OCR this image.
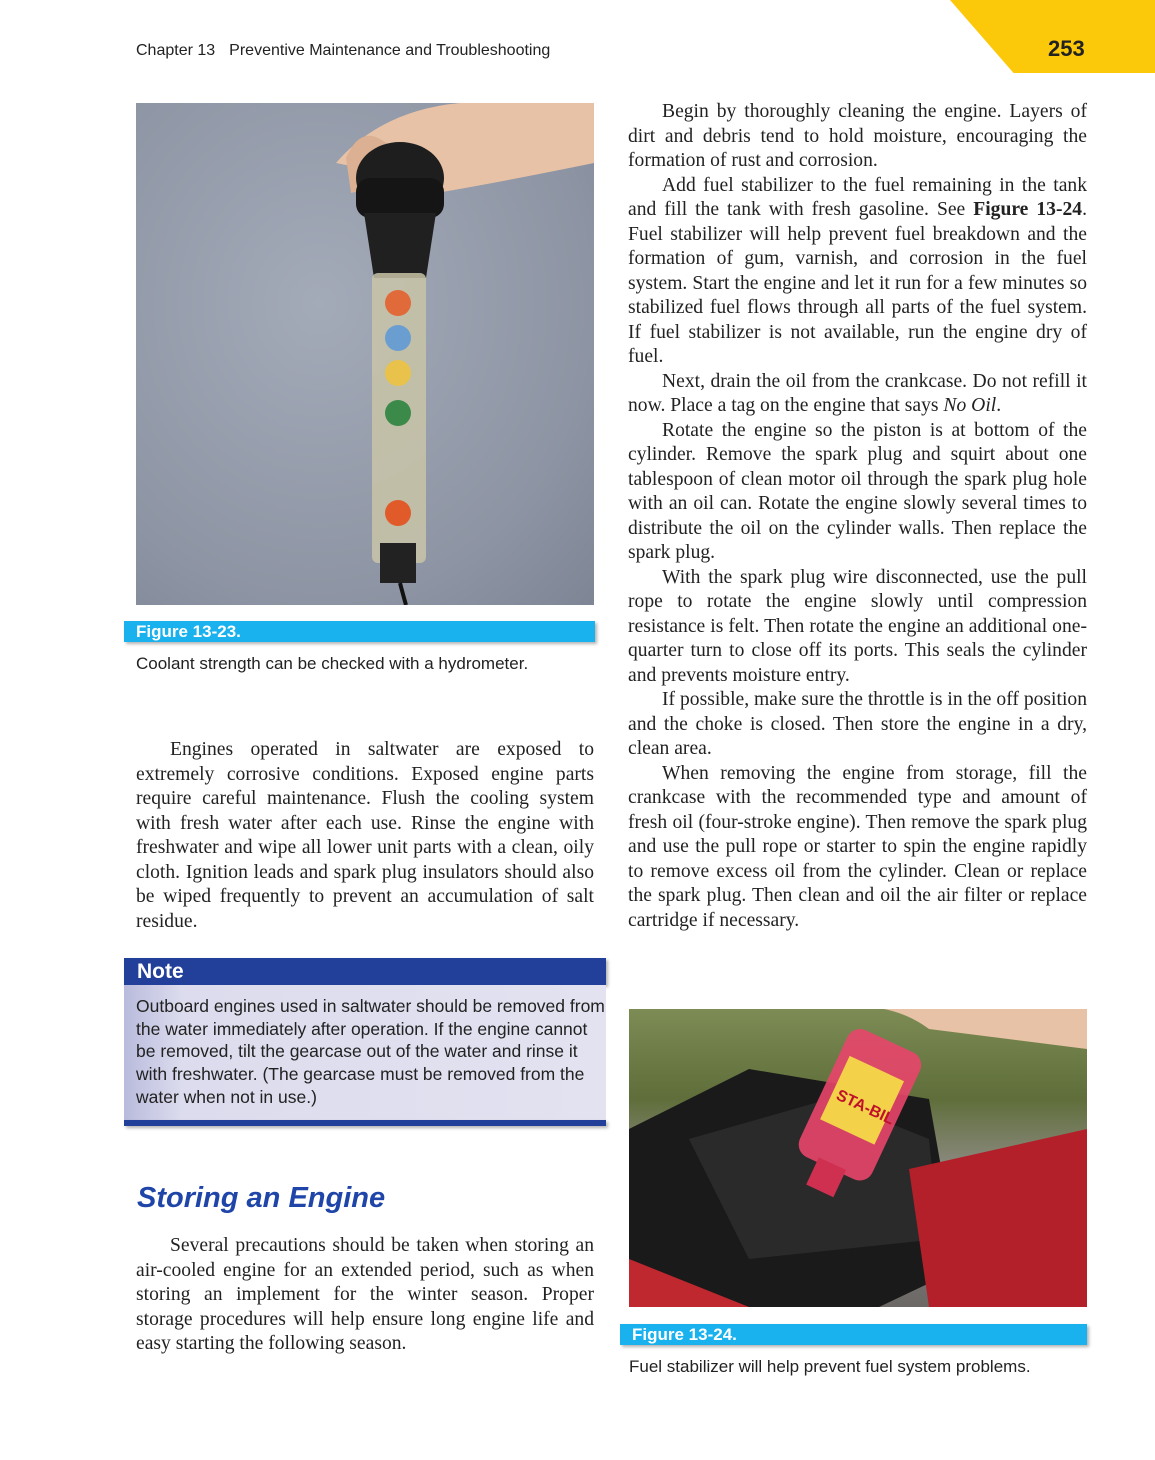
Chapter 13 Preventive Maintenance and Troubleshooting	253
Figure 13-23.
Coolant strength can be checked with a hydrometer.

Engines operated in saltwater are exposed to extremely corrosive conditions. Exposed engine parts require careful maintenance. Flush the cooling system with fresh water after each use. Rinse the engine with freshwater and wipe all lower unit parts with a clean, oily cloth. Ignition leads and spark plug insulators should also be wiped frequently to prevent an accumulation of salt residue.

Note
Outboard engines used in saltwater should be removed from the water immediately after operation. If the engine cannot be removed, tilt the gearcase out of the water and rinse it with freshwater. (The gearcase must be removed from the water when not in use.)
Storing an Engine

Several precautions should be taken when storing an air-cooled engine for an extended period, such as when storing an implement for the winter season. Proper storage procedures will help ensure long engine life and easy starting the following season.

Begin by thoroughly cleaning the engine. Layers of dirt and debris tend to hold moisture, encouraging the formation of rust and corrosion.

Add fuel stabilizer to the fuel remaining in the tank and fill the tank with fresh gasoline. See Figure 13-24. Fuel stabilizer will help prevent fuel breakdown and the formation of gum, varnish, and corrosion in the fuel system. Start the engine and let it run for a few minutes so stabilized fuel flows through all parts of the fuel system. If fuel stabilizer is not available, run the engine dry of fuel.

Next, drain the oil from the crankcase. Do not refill it now. Place a tag on the engine that says No Oil.

Rotate the engine so the piston is at bottom of the cylinder. Remove the spark plug and squirt about one tablespoon of clean motor oil through the spark plug hole with an oil can. Rotate the engine slowly several times to distribute the oil on the cylinder walls. Then replace the spark plug.

With the spark plug wire disconnected, use the pull rope to rotate the engine slowly until compression resistance is felt. Then rotate the engine an additional one-quarter turn to close off its ports. This seals the cylinder and prevents moisture entry.

If possible, make sure the throttle is in the off position and the choke is closed. Then store the engine in a dry, clean area.

When removing the engine from storage, fill the crankcase with the recommended type and amount of fresh oil (four-stroke engine). Then remove the spark plug and use the pull rope or starter to spin the engine rapidly to remove excess oil from the cylinder. Clean or replace the spark plug. Then clean and oil the air filter or replace cartridge if necessary.

STA-BIL
Figure 13-24.
Fuel stabilizer will help prevent fuel system problems.
